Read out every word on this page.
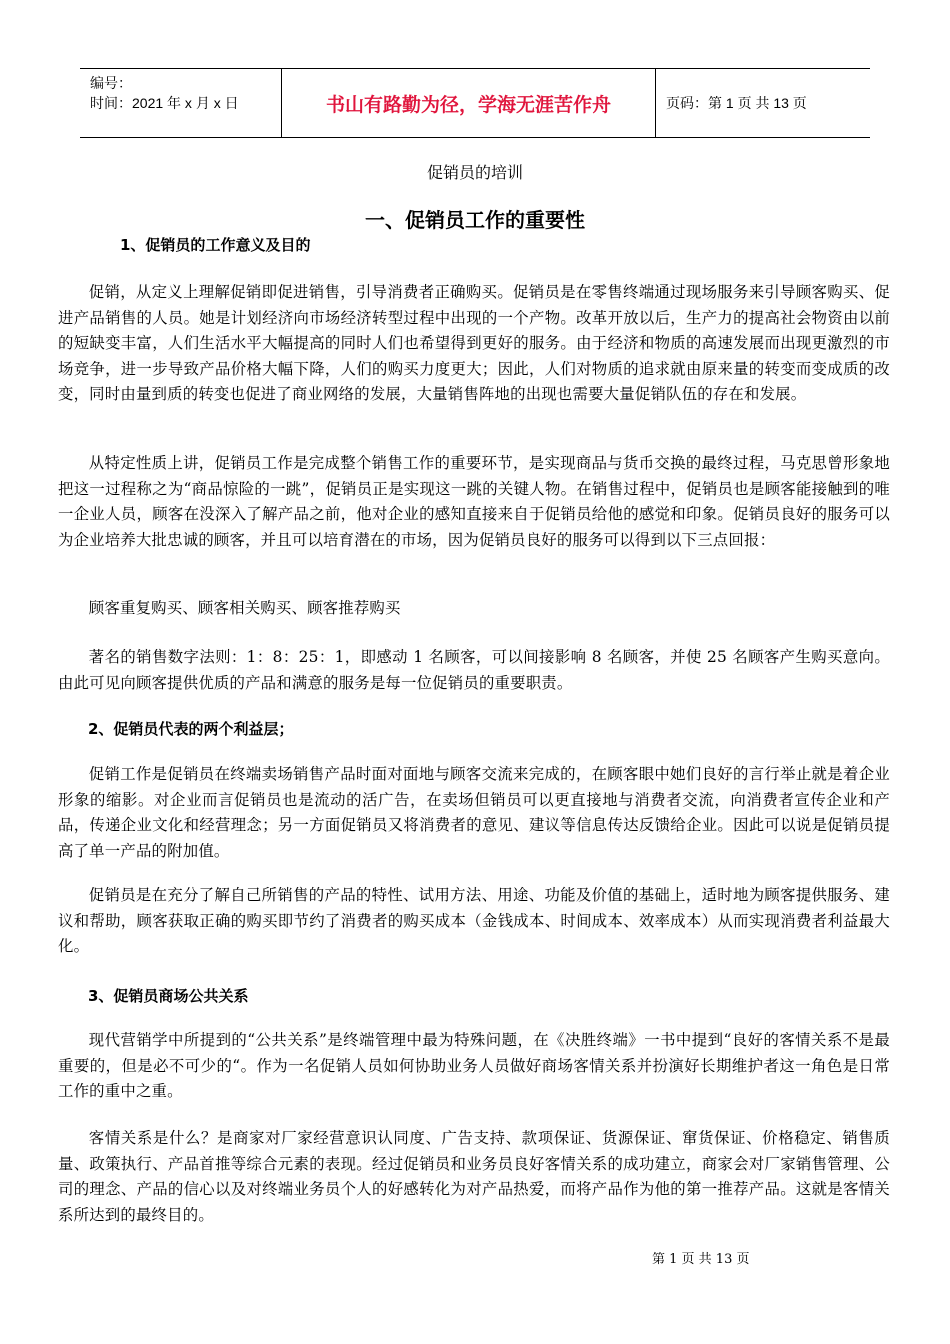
编号：
时间：2021 年 x 月 x 日	书山有路勤为径，学海无涯苦作舟	页码：第 1 页 共 13 页
促销员的培训
一、促销员工作的重要性
1、促销员的工作意义及目的
促销，从定义上理解促销即促进销售，引导消费者正确购买。促销员是在零售终端通过现场服务来引导顾客购买、促进产品销售的人员。她是计划经济向市场经济转型过程中出现的一个产物。改革开放以后，生产力的提高社会物资由以前的短缺变丰富，人们生活水平大幅提高的同时人们也希望得到更好的服务。由于经济和物质的高速发展而出现更激烈的市场竞争，进一步导致产品价格大幅下降，人们的购买力度更大；因此，人们对物质的追求就由原来量的转变而变成质的改变，同时由量到质的转变也促进了商业网络的发展，大量销售阵地的出现也需要大量促销队伍的存在和发展。
从特定性质上讲，促销员工作是完成整个销售工作的重要环节，是实现商品与货币交换的最终过程，马克思曾形象地把这一过程称之为“商品惊险的一跳”，促销员正是实现这一跳的关键人物。在销售过程中，促销员也是顾客能接触到的唯一企业人员，顾客在没深入了解产品之前，他对企业的感知直接来自于促销员给他的感觉和印象。促销员良好的服务可以为企业培养大批忠诚的顾客，并且可以培育潜在的市场，因为促销员良好的服务可以得到以下三点回报：
顾客重复购买、顾客相关购买、顾客推荐购买
著名的销售数字法则：1：8：25：1，即感动 1 名顾客，可以间接影响 8 名顾客，并使 25 名顾客产生购买意向。由此可见向顾客提供优质的产品和满意的服务是每一位促销员的重要职责。
2、促销员代表的两个利益层；
促销工作是促销员在终端卖场销售产品时面对面地与顾客交流来完成的，在顾客眼中她们良好的言行举止就是着企业形象的缩影。对企业而言促销员也是流动的活广告，在卖场但销员可以更直接地与消费者交流，向消费者宣传企业和产品，传递企业文化和经营理念；另一方面促销员又将消费者的意见、建议等信息传达反馈给企业。因此可以说是促销员提高了单一产品的附加值。
促销员是在充分了解自己所销售的产品的特性、试用方法、用途、功能及价值的基础上，适时地为顾客提供服务、建议和帮助，顾客获取正确的购买即节约了消费者的购买成本（金钱成本、时间成本、效率成本）从而实现消费者利益最大化。
3、促销员商场公共关系
现代营销学中所提到的“公共关系”是终端管理中最为特殊问题，在《决胜终端》一书中提到“良好的客情关系不是最重要的，但是必不可少的“。作为一名促销人员如何协助业务人员做好商场客情关系并扮演好长期维护者这一角色是日常工作的重中之重。
客情关系是什么？是商家对厂家经营意识认同度、广告支持、款项保证、货源保证、窜货保证、价格稳定、销售质量、政策执行、产品首推等综合元素的表现。经过促销员和业务员良好客情关系的成功建立，商家会对厂家销售管理、公司的理念、产品的信心以及对终端业务员个人的好感转化为对产品热爱，而将产品作为他的第一推荐产品。这就是客情关系所达到的最终目的。
第 1 页 共 13 页
